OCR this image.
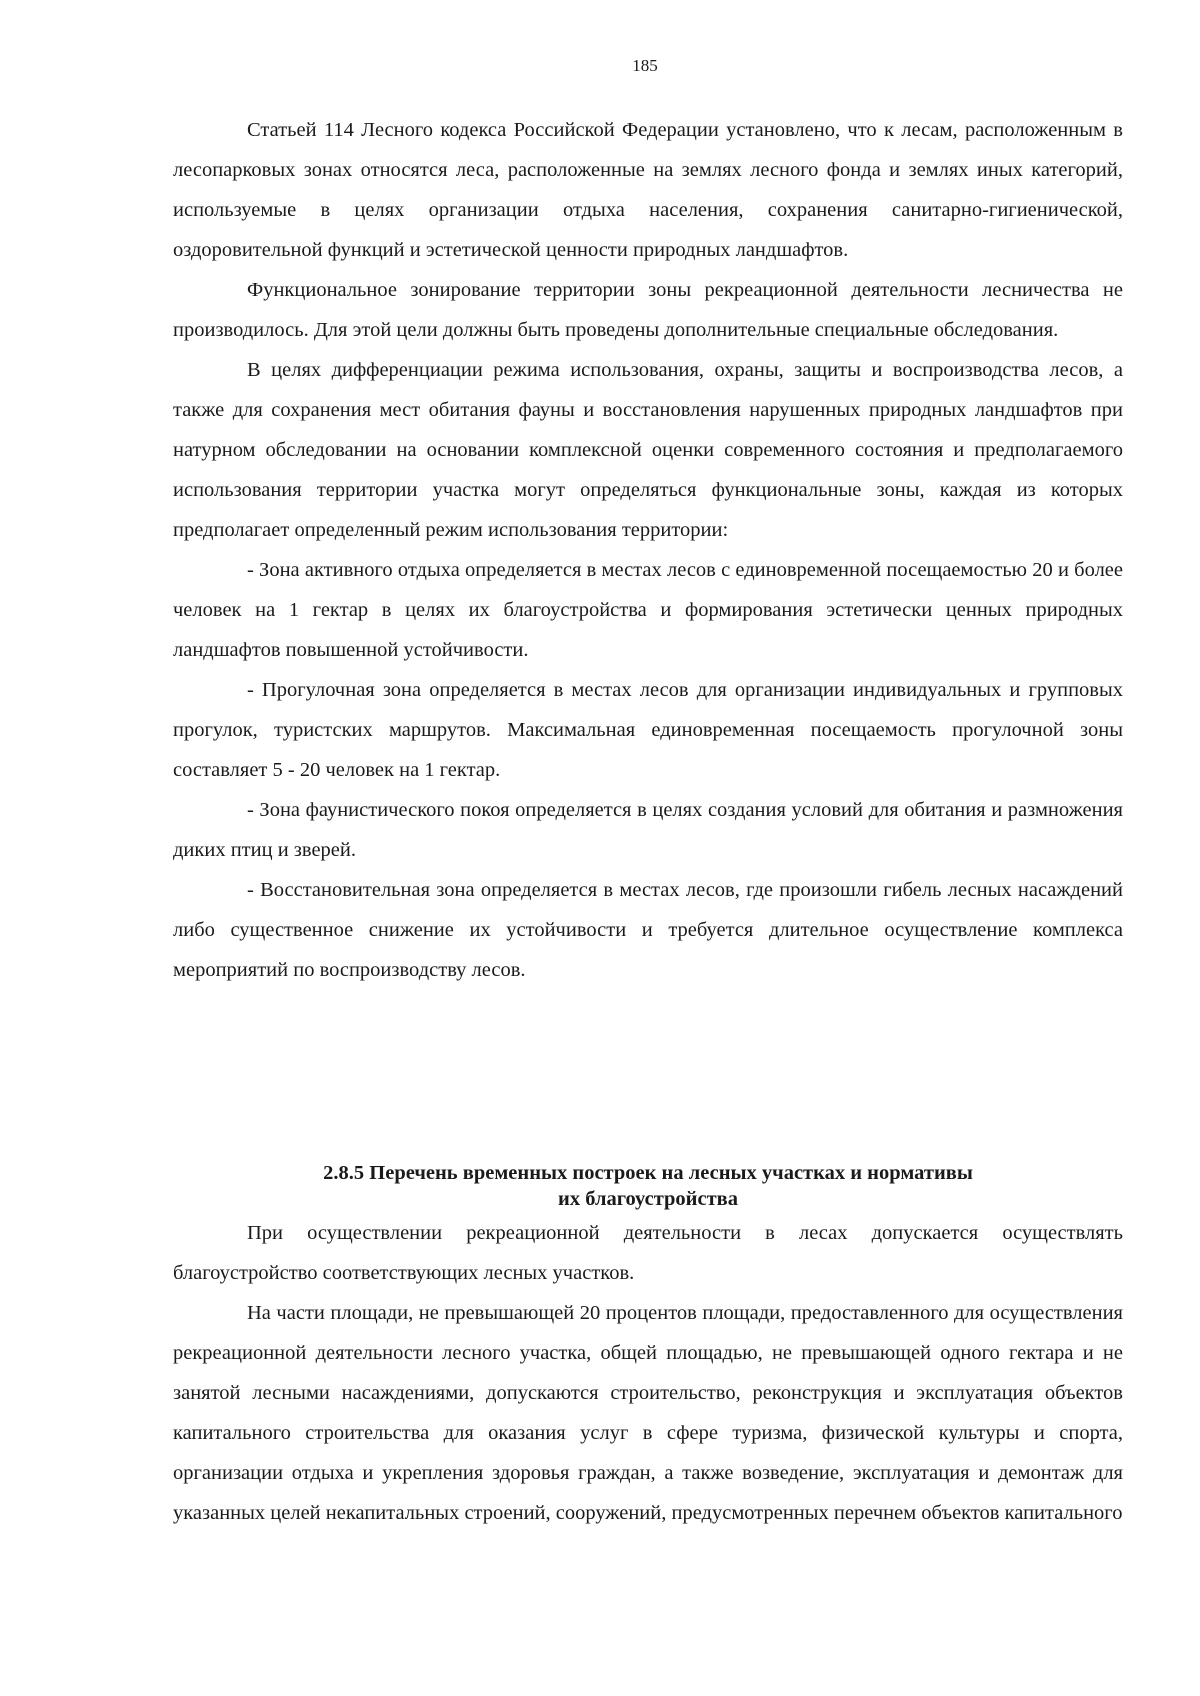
185

Статьей 114 Лесного кодекса Российской Федерации установлено, что к лесам, расположенным в лесопарковых зонах относятся леса, расположенные на землях лесного фонда и землях иных категорий, используемые в целях организации отдыха населения, сохранения санитарно-гигиенической, оздоровительной функций и эстетической ценности природных ландшафтов.

Функциональное зонирование территории зоны рекреационной деятельности лесничества не производилось. Для этой цели должны быть проведены дополнительные специальные обследования.

В целях дифференциации режима использования, охраны, защиты и воспроизводства лесов, а также для сохранения мест обитания фауны и восстановления нарушенных природных ландшафтов при натурном обследовании на основании комплексной оценки современного состояния и предполагаемого использования территории участка могут определяться функциональные зоны, каждая из которых предполагает определенный режим использования территории:

- Зона активного отдыха определяется в местах лесов с единовременной посещаемостью 20 и более человек на 1 гектар в целях их благоустройства и формирования эстетически ценных природных ландшафтов повышенной устойчивости.

- Прогулочная зона определяется в местах лесов для организации индивидуальных и групповых прогулок, туристских маршрутов. Максимальная единовременная посещаемость прогулочной зоны составляет 5 - 20 человек на 1 гектар.

- Зона фаунистического покоя определяется в целях создания условий для обитания и размножения диких птиц и зверей.

- Восстановительная зона определяется в местах лесов, где произошли гибель лесных насаждений либо существенное снижение их устойчивости и требуется длительное осуществление комплекса мероприятий по воспроизводству лесов.

2.8.5 Перечень временных построек на лесных участках и нормативы
их благоустройства

При осуществлении рекреационной деятельности в лесах допускается осуществлять благоустройство соответствующих лесных участков.

На части площади, не превышающей 20 процентов площади, предоставленного для осуществления рекреационной деятельности лесного участка, общей площадью, не превышающей одного гектара и не занятой лесными насаждениями, допускаются строительство, реконструкция и эксплуатация объектов капитального строительства для оказания услуг в сфере туризма, физической культуры и спорта, организации отдыха и укрепления здоровья граждан, а также возведение, эксплуатация и демонтаж для указанных целей некапитальных строений, сооружений, предусмотренных перечнем объектов капитального
